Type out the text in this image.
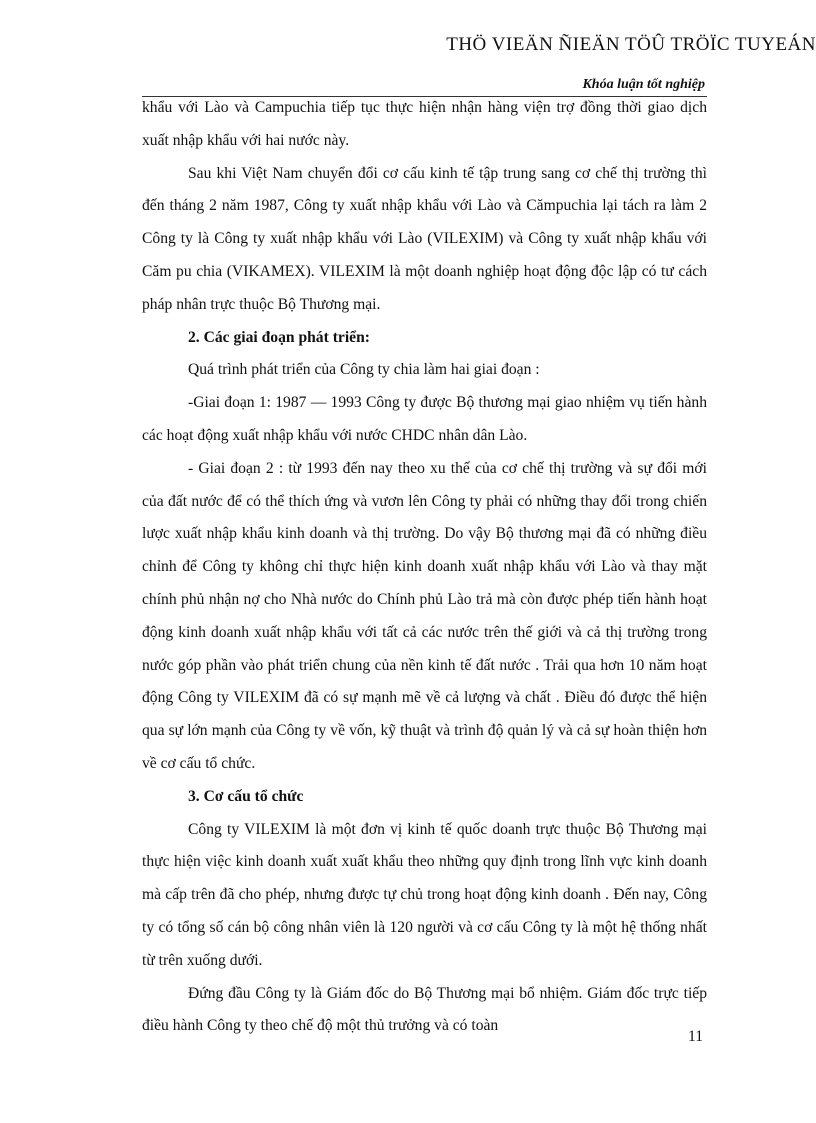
THÖ VIEÄN ÑIEÄN TÖÛ TRÖÏC TUYEÁN
Khóa luận tốt nghiệp

khẩu với Lào và Campuchia tiếp tục thực hiện nhận hàng viện trợ đồng thời giao dịch xuất nhập khẩu với hai nước này.

Sau khi Việt Nam chuyển đổi cơ cấu kinh tế tập trung sang cơ chế thị trường thì đến tháng 2 năm 1987, Công ty xuất nhập khẩu với Lào và Cămpuchia lại tách ra làm 2 Công ty là Công ty xuất nhập khẩu với Lào (VILEXIM) và Công ty xuất nhập khẩu với Căm pu chia (VIKAMEX). VILEXIM là một doanh nghiệp hoạt động độc lập có tư cách pháp nhân trực thuộc Bộ Thương mại.

2. Các giai đoạn phát triển:

Quá trình phát triển của Công ty chia làm hai giai đoạn :

-Giai đoạn 1: 1987 — 1993 Công ty được Bộ thương mại giao nhiệm vụ tiến hành các hoạt động xuất nhập khẩu với nước CHDC nhân dân Lào.

- Giai đoạn 2 : từ 1993 đến nay theo xu thế của cơ chế thị trường và sự đổi mới của đất nước để có thể thích ứng và vươn lên Công ty phải có những thay đổi trong chiến lược xuất nhập khẩu kinh doanh và thị trường. Do vậy Bộ thương mại đã có những điều chỉnh để Công ty không chỉ thực hiện kinh doanh xuất nhập khẩu với Lào và thay mặt chính phủ nhận nợ cho Nhà nước do Chính phủ Lào trả mà còn được phép tiến hành hoạt động kinh doanh xuất nhập khẩu với tất cả các nước trên thế giới và cả thị trường trong nước góp phần vào phát triển chung của nền kinh tế đất nước . Trải qua hơn 10 năm hoạt động Công ty VILEXIM đã có sự mạnh mẽ về cả lượng và chất . Điều đó được thể hiện qua sự lớn mạnh của Công ty về vốn, kỹ thuật và trình độ quản lý và cả sự hoàn thiện hơn về cơ cấu tổ chức.

3. Cơ cấu tổ chức

Công ty VILEXIM là một đơn vị kinh tế quốc doanh trực thuộc Bộ Thương mại thực hiện việc kinh doanh xuất xuất khẩu theo những quy định trong lĩnh vực kinh doanh mà cấp trên đã cho phép, nhưng được tự chủ trong hoạt động kinh doanh . Đến nay, Công ty có tổng số cán bộ công nhân viên là 120 người và cơ cấu Công ty là một hệ thống nhất từ trên xuống dưới.

Đứng đầu Công ty là Giám đốc do Bộ Thương mại bổ nhiệm. Giám đốc trực tiếp điều hành Công ty theo chế độ một thủ trưởng và có toàn

11
